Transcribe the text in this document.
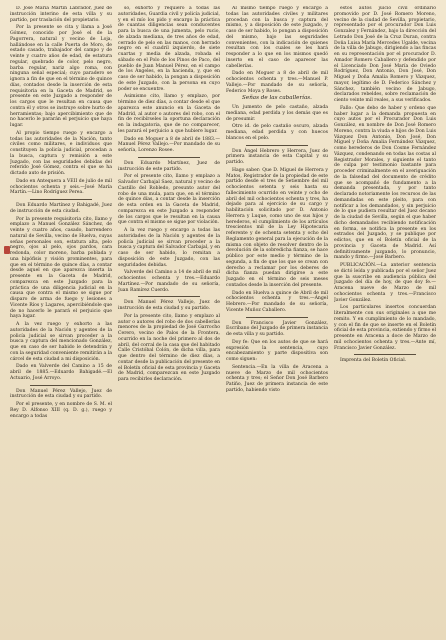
D. José María Martín Labrador, Juez de instrucción interino de esta villa y su partido, por traslación del propietario.

Por la presente se cita y llama a José Gómez, conocido por José el de la Pagorrera, natural y vecino de Loja, hallándose en la calle Puerta de Moro, de estado casado, trabajador del campo y de veinte y cuatro años de edad, de estatura regular, quebrado de color, pelo negro, barba regular, nariz algo roma, con ninguna señal especial; cuyo paradero se ignora a fin de que en el término de quince días, contados desde la inserción de esta requisitoria en la Gaceta de Madrid, se presente en este Juzgado a responder de los cargos que le resultan en causa que contra él y otros se instruye sobre hurto de herramientas; bajo apercibimiento que de no hacerlo le pararán el perjuicio que haya lugar.

Al propio tiempo ruego y encargo a todas las autoridades de la Nación, tanto civiles como militares, e individuos que constituyen la policía judicial, procedan a la busca, captura y remisión a este Juzgado, con las seguridades debidas del referido José Gómez, contra el que se ha dictado auto de prisión.

Dado en Antequera a VEII de julio de mil ochocientos ochenta y seis.—José María Martín.—Lino Rodríguez Perea.

Don Eduardo Martínez y Bahigadé, Juez de instrucción de esta ciudad.

Por la presente requisitoria cito, llamo y emplazo a Manuel González Sánchez, de veinte y cuatro años, casado, barrendero natural de Sevilla, vecino de Huelva, cuyas señas personales son, estatura alta, pelo negro, ojos al pelo, ojos pardos, cara redonda, color moreno, barba poblada y una hipófisis y visión prominentes, para que en el término de quince días, a contar desde aquel en que aparezca inserta la presente en la Gaceta de Madrid, comparezca en este Juzgado para la práctica de una diligencia judicial en la causa que contra el mismo se sigue por disparo de arma de fuego y lesiones a Vicente Ríos y Lagares, apercibiéndole que de no hacerlo le parará el perjuicio que haya lugar.

A la vez ruego y exhorto a las autoridades de la Nación y agentes de la policía judicial se sirvan proceder a la busca y captura del mencionado González, que en caso de ser habido le detendrán y con la seguridad conveniente remitirán a la cárcel de esta ciudad a mi disposición.

Dado en Valverde del Camino a 15 de abril de 1885.—Eduardo Bahigadé.—El Actuario, José Arroyo.

Don Manuel Pérez Vallejo, Juez de instrucción de esta ciudad y su partido.

Por el presente, y en nombre de S. M. el Rey D. Alfonso XIII (q. D. g.), ruego y encargo a todas

so, exhorto y requiero a todas las autoridades, Guardia civil y policía judicial, y en el mío los pido y encargo la práctica de cuantas diligencias sean conducentes para la busca de una jumenta, pelo rucio, de alzada mediana, de tres años de edad, cerrado de pelo en las manos, con herrado negro en el cuadril izquierdo, de siete cuartas y media de alzada, robada el sábado en el Polo de los Pinos de Paco, del pueblo de Juan Manuel Pérez, en el campo de los Ángeles, en la hacienda, y, que en caso de ser habido, la pongan a disposición de este Juzgado, con la persona en cuyo poder se encuentre.

Asimismo cito, llamo y emplazo, por término de diez días, a contar desde el que aparezca este anuncio en la Gaceta de Madrid, al autor o autores del robo, con el fin de recibírseles la oportuna declaración en la indagatoria, que de no comparecer, les parará el perjuicio a que hubiere lugar.

Dado en Moguer a 8 de abril de 1883.—Manuel Pérez Vallejo.—Por mandado de su señoría, Lorenzo Rosee.

Don Eduardo Martínez, Juez de instrucción de este partido.

Por el presente cito, llamo y emplazo a Salvador Carbajal Saez, natural y vecino de Castillo del Robledo, presunto autor del robo de una mula, para que, en el término de quince días, a contar desde la inserción de esta orden en la Gaceta de Madrid, comparezca en este Juzgado a responder de los cargos que le resultan en la causa que contra el mismo se sigue por violación.

A la vez ruego y encargo a todas las autoridades de la Nación y agentes de la policía judicial se sirvan proceder a la busca y captura del Salvador Carbajal, y en caso de ser habido, lo remitan a disposición de este Juzgado, con las seguridades debidas.

Valverde del Camino a 14 de abril de mil ochocientos ochenta y tres.—Eduardo Martínez.—Por mandado de su señoría, Juan Ramírez Cuerdo.

Don Manuel Pérez Vallejo, Juez de instrucción de esta ciudad y su partido.

Por la presente cito, llamo y emplazo al autor o autores del robo de dos cabellerías menores de la propiedad de José Garrocho Cerero, vecino de Palos de la Frontera, ocurrido en la noche del primero al dos de abril, del corral de la casa que del habitado Calle Cristóbal Colón, de dicha villa, para que dentro del término de diez días, a contar desde la publicación del presente en el Boletín oficial de esta provincia y Gaceta de Madrid, comparezcan en este Juzgado para recibirles declaración.

Al mismo tiempo ruego y encargo a todas las autoridades civiles y militares procedan con la busca y captura del mismo, y a disposición de este Juzgado, y caso de ser habido, lo pongan a disposición del mismo, bajo las seguridades convenientes, con la indicación de quienes resultan con los cuales se les hará responder a lo que en los mismos quedó inserto en el caso de aparecer las cabellerías.

Dado en Moguer a 8 de abril de mil ochocientos ochenta y tres.—Manuel P. Vallejo.—Por mandado de su señoría, Federico Moya y Roses.

Señas de las caballerías.

Un jumento de pelo castaño, alzada mediana, edad perdida y los demás que es de presumir.

Otro id. de pelo castaño oscuro, alzada mediana, edad perdida y con huecos blancos en el pelo.

Don Ángel Hebrero y Herrera, Juez de primera instancia de esta Capital y su partido.

Hago saber: Que D. Miguel de Herrera y Matos, Registrador de la propiedad de este partido desde el tres de Setiembre del mil ochocientos setenta y seis hasta su fallecimiento ocurrido en veinte y ocho de abril del mil ochocientos ochenta y tres, ha dejado para al ejercicio de su cargo y habilitación solicitado por D. Antonio Herrera y Luque, como uno de sus hijos y herederos, el cumplimiento de los artículos trescientos mil de la Ley Hipotecaria referente y de ochenta setenta y ocho del Reglamento general para la ejecución de la misma con objeto de resolver dentro de la devolución de la sobredicha fianza, se hace público por este medio y término de la segunda, a fin de que los que se crean con derecho a reclamar por los deberes de dicha fianza puedan dirigirse a este Juzgado en el término de seis meses contados desde la inserción del presente.

Dado en Huelva a quince de Abril de mil ochocientos ochenta y tres.—Ángel Hebrero.—Por mandado de su señoría, Vicente Muñoz Caballero.

Don Francisco Javier González, Escribano del Juzgado de primera instancia de esta villa y su partido.

Doy fe: Que en los autos de que se hará expresión la sentencia, cuyo encabezamiento y parte dispositiva son como siguen:

Sentencia.—En la villa de Aracena a nueve de Marzo de mil ochocientos ochenta y tres; el Señor Don José Barbero Patiño, Juez de primera instancia de este partido, habiendo visto

estos autos juicio civil ordinario promovido por D. José Romero Moreno, vecino de la ciudad de Sevilla, propietario, representado por el procurador Don Luis Gonzalez y Fernández, bajo la dirección del Letrado Don José de la Cruz Duran, contra Doña Luisa María Mercedes Ugalde, vecina de la villa de Jabugo, dirigiendo a las fincas en su representación por el procurador D. Amador Romero Caballero y defendido por el Licenciado Don José María de Oviedo Rodríguez, Don Antonio, Don José, Don Miguel y Doña Amalia Romero y Vázquez, mayor, legítimo de D. Federico Sánchez y Sánchez, también vecino de Jabugo, declarados rebeldes, sobre reclamación de ciento veinte mil reales, a sus verificados.

Fallo: Que debo de haber y ordeno que haber lugar a la demanda propuesta en cuyo autos por el Procurador Don Luis González, en nombre de Don José Romero Moreno, contra la viuda e hijos de Don Luis Vázquez Don Antonio, Don José, Don Miguel y Doña Amalia Fernández Vázquez, como herederos de Don Cosme Fernández Vázquez, condenando en todas las costas al Registrador Morales, y siguiente el tanto de culpa por testimonio bastante para proceder criminalmente en el averiguación de la falsedad del documento de crédito que se acompañó de fundamento a la demanda presentada, y por tanto declarado notoriamente los recursos de las demandadas en este pleito, para con notificar a los demandados, y sin perjuicio de lo que pudiera resultar del Juez decano de la ciudad de Sevilla, según el que haber dicho demandados recibiendo notificación en forma, se notifica la presente en los estrados del Juzgado, y se publique por edictos, que en el Boletín oficial de la provincia y Gaceta de Madrid. Así definitivamente juzgando, lo pronuncio, mando y firmo.—José Barbero.

PUBLICACIÓN.—La anterior sentencia se dictó leída y publicada por el señor Juez que la suscribe en audiencia pública del Juzgado del día de hoy, de que doy fe.—Aracena nueve de Marzo de mil ochocientos ochenta y tres.—Francisco Javier González.

Los particulares insertos concuerdan literalmente con sus originales a que me remito. Y en cumplimiento de lo mandado, y con el fin de que se inserte en el Boletín oficial de esta provincia, extiendo y firmo el presente en Aracena a doce de Marzo de mil ochocientos ochenta y tres.—Ante mí, Francisco Javier González.

Imprenta del Boletín Oficial.
